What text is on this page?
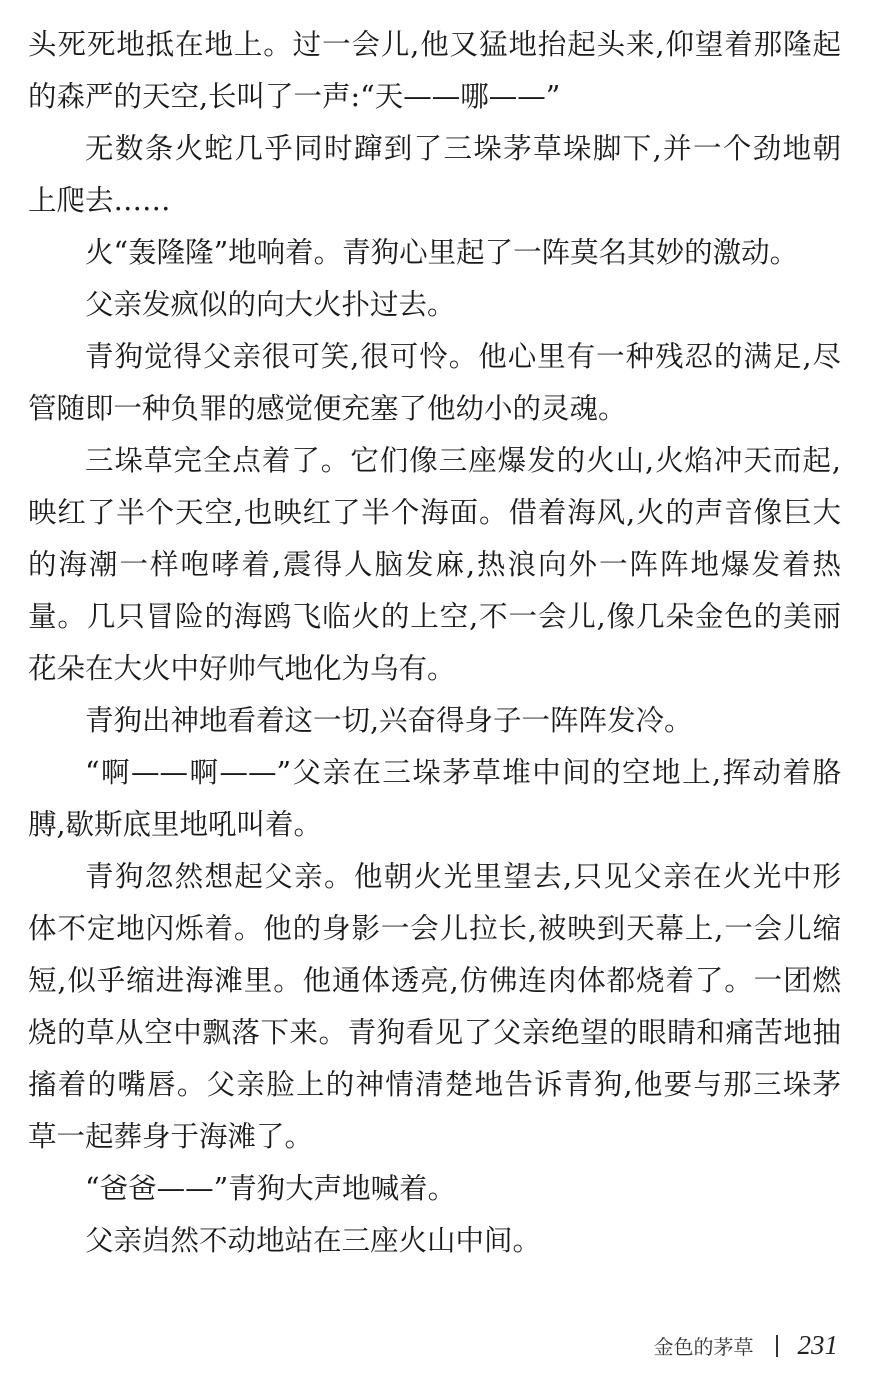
头死死地抵在地上。过一会儿,他又猛地抬起头来,仰望着那隆起
的森严的天空,长叫了一声:“天——哪——”
无数条火蛇几乎同时蹿到了三垛茅草垛脚下,并一个劲地朝
上爬去……
火“轰隆隆”地响着。青狗心里起了一阵莫名其妙的激动。
父亲发疯似的向大火扑过去。
青狗觉得父亲很可笑,很可怜。他心里有一种残忍的满足,尽
管随即一种负罪的感觉便充塞了他幼小的灵魂。
三垛草完全点着了。它们像三座爆发的火山,火焰冲天而起,
映红了半个天空,也映红了半个海面。借着海风,火的声音像巨大
的海潮一样咆哮着,震得人脑发麻,热浪向外一阵阵地爆发着热
量。几只冒险的海鸥飞临火的上空,不一会儿,像几朵金色的美丽
花朵在大火中好帅气地化为乌有。
青狗出神地看着这一切,兴奋得身子一阵阵发冷。
“啊——啊——”父亲在三垛茅草堆中间的空地上,挥动着胳
膊,歇斯底里地吼叫着。
青狗忽然想起父亲。他朝火光里望去,只见父亲在火光中形
体不定地闪烁着。他的身影一会儿拉长,被映到天幕上,一会儿缩
短,似乎缩进海滩里。他通体透亮,仿佛连肉体都烧着了。一团燃
烧的草从空中飘落下来。青狗看见了父亲绝望的眼睛和痛苦地抽
搐着的嘴唇。父亲脸上的神情清楚地告诉青狗,他要与那三垛茅
草一起葬身于海滩了。
“爸爸——”青狗大声地喊着。
父亲岿然不动地站在三座火山中间。
金色的茅草 231
